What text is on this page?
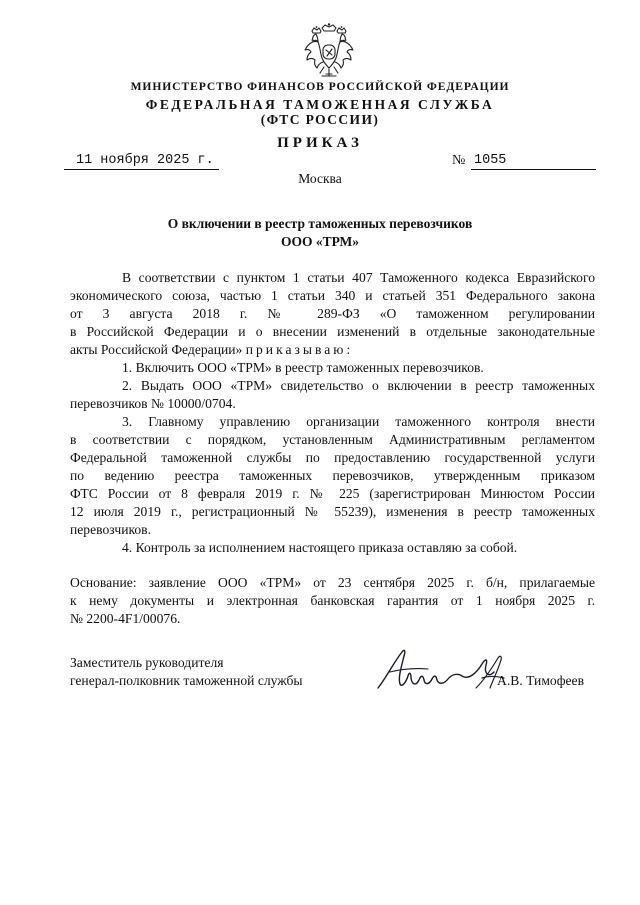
МИНИСТЕРСТВО ФИНАНСОВ РОССИЙСКОЙ ФЕДЕРАЦИИ
ФЕДЕРАЛЬНАЯ ТАМОЖЕННАЯ СЛУЖБА
(ФТС РОССИИ)
ПРИКАЗ
11 ноября 2025 г.	№ 1055
Москва
О включении в реестр таможенных перевозчиков
ООО «ТРМ»

В соответствии с пунктом 1 статьи 407 Таможенного кодекса Евразийского

экономического союза, частью 1 статьи 340 и статьей 351 Федерального закона

от 3 августа 2018 г. № 289-ФЗ «О таможенном регулировании

в Российской Федерации и о внесении изменений в отдельные законодательные

акты Российской Федерации» приказываю:

1. Включить ООО «ТРМ» в реестр таможенных перевозчиков.

2. Выдать ООО «ТРМ» свидетельство о включении в реестр таможенных

перевозчиков № 10000/0704.

3. Главному управлению организации таможенного контроля внести

в соответствии с порядком, установленным Административным регламентом

Федеральной таможенной службы по предоставлению государственной услуги

по ведению реестра таможенных перевозчиков, утвержденным приказом

ФТС России от 8 февраля 2019 г. № 225 (зарегистрирован Минюстом России

12 июля 2019 г., регистрационный № 55239), изменения в реестр таможенных

перевозчиков.

4. Контроль за исполнением настоящего приказа оставляю за собой.

Основание: заявление ООО «ТРМ» от 23 сентября 2025 г. б/н, прилагаемые

к нему документы и электронная банковская гарантия от 1 ноября 2025 г.

№ 2200-4F1/00076.

Заместитель руководителя
генерал-полковник таможенной службы	А.В. Тимофеев
